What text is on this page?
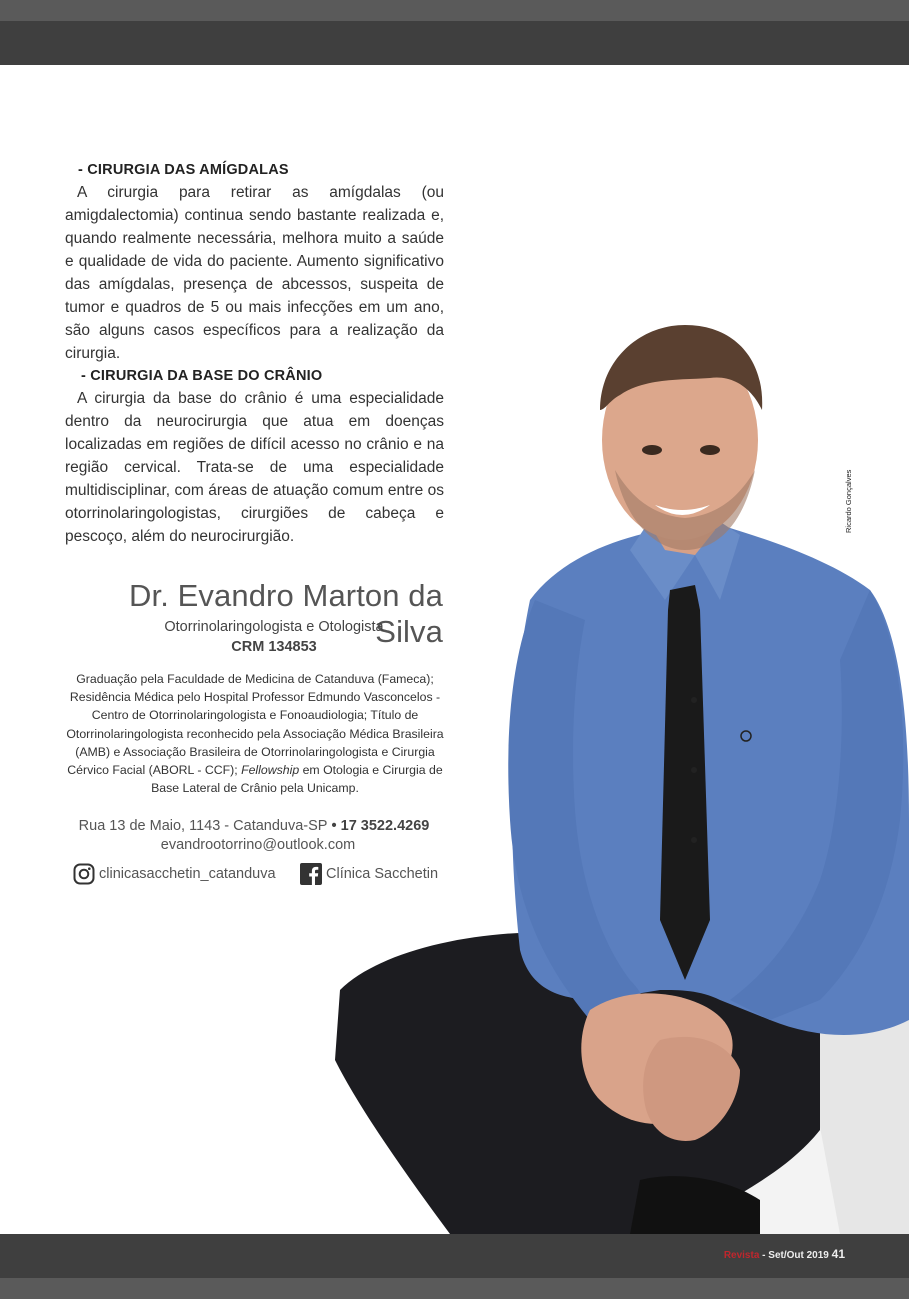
- CIRURGIA DAS AMÍGDALAS

A cirurgia para retirar as amígdalas (ou amigdalectomia) continua sendo bastante realizada e, quando realmente necessária, melhora muito a saúde e qualidade de vida do paciente. Aumento significativo das amígdalas, presença de abcessos, suspeita de tumor e quadros de 5 ou mais infecções em um ano, são alguns casos específicos para a realização da cirurgia.

- CIRURGIA DA BASE DO CRÂNIO

A cirurgia da base do crânio é uma especialidade dentro da neurocirurgia que atua em doenças localizadas em regiões de difícil acesso no crânio e na região cervical. Trata-se de uma especialidade multidisciplinar, com áreas de atuação comum entre os otorrinolaringologistas, cirurgiões de cabeça e pescoço, além do neurocirurgião.

Dr. Evandro Marton da Silva
Otorrinolaringologista e Otologista
CRM 134853
Graduação pela Faculdade de Medicina de Catanduva (Fameca); Residência Médica pelo Hospital Professor Edmundo Vasconcelos - Centro de Otorrinolaringologista e Fonoaudiologia; Título de Otorrinolaringologista reconhecido pela Associação Médica Brasileira (AMB) e Associação Brasileira de Otorrinolaringologista e Cirurgia Cérvico Facial (ABORL - CCF); Fellowship em Otologia e Cirurgia de Base Lateral de Crânio pela Unicamp.
Rua 13 de Maio, 1143 - Catanduva-SP • 17 3522.4269
evandrootorrino@outlook.com
clinicasacchetin_catanduva	Clínica Sacchetin
Ricardo Gonçalves
Revista - Set/Out 2019 41
